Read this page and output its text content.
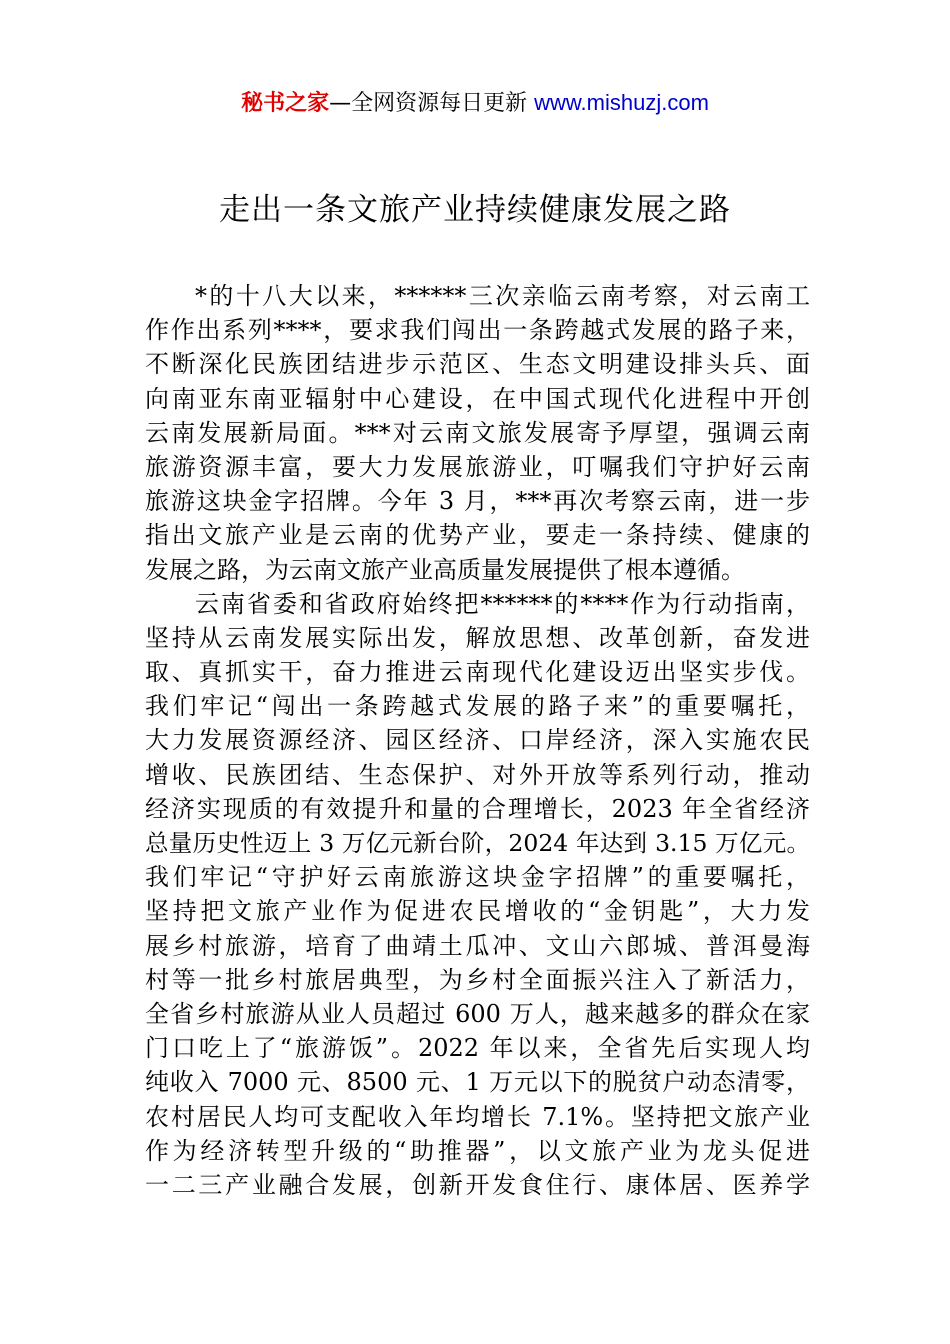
秘书之家—全网资源每日更新 www.mishuzj.com
走出一条文旅产业持续健康发展之路
*的十八大以来，******三次亲临云南考察，对云南工
作作出系列****，要求我们闯出一条跨越式发展的路子来，
不断深化民族团结进步示范区、生态文明建设排头兵、面
向南亚东南亚辐射中心建设，在中国式现代化进程中开创
云南发展新局面。***对云南文旅发展寄予厚望，强调云南
旅游资源丰富，要大力发展旅游业，叮嘱我们守护好云南
旅游这块金字招牌。今年 3 月，***再次考察云南，进一步
指出文旅产业是云南的优势产业，要走一条持续、健康的
发展之路，为云南文旅产业高质量发展提供了根本遵循。
云南省委和省政府始终把******的****作为行动指南，
坚持从云南发展实际出发，解放思想、改革创新，奋发进
取、真抓实干，奋力推进云南现代化建设迈出坚实步伐。
我们牢记“闯出一条跨越式发展的路子来”的重要嘱托，
大力发展资源经济、园区经济、口岸经济，深入实施农民
增收、民族团结、生态保护、对外开放等系列行动，推动
经济实现质的有效提升和量的合理增长，2023 年全省经济
总量历史性迈上 3 万亿元新台阶，2024 年达到 3.15 万亿元。
我们牢记“守护好云南旅游这块金字招牌”的重要嘱托，
坚持把文旅产业作为促进农民增收的“金钥匙”，大力发
展乡村旅游，培育了曲靖土瓜冲、文山六郎城、普洱曼海
村等一批乡村旅居典型，为乡村全面振兴注入了新活力，
全省乡村旅游从业人员超过 600 万人，越来越多的群众在家
门口吃上了“旅游饭”。2022 年以来，全省先后实现人均
纯收入 7000 元、8500 元、1 万元以下的脱贫户动态清零，
农村居民人均可支配收入年均增长 7.1%。坚持把文旅产业
作为经济转型升级的“助推器”，以文旅产业为龙头促进
一二三产业融合发展，创新开发食住行、康体居、医养学
